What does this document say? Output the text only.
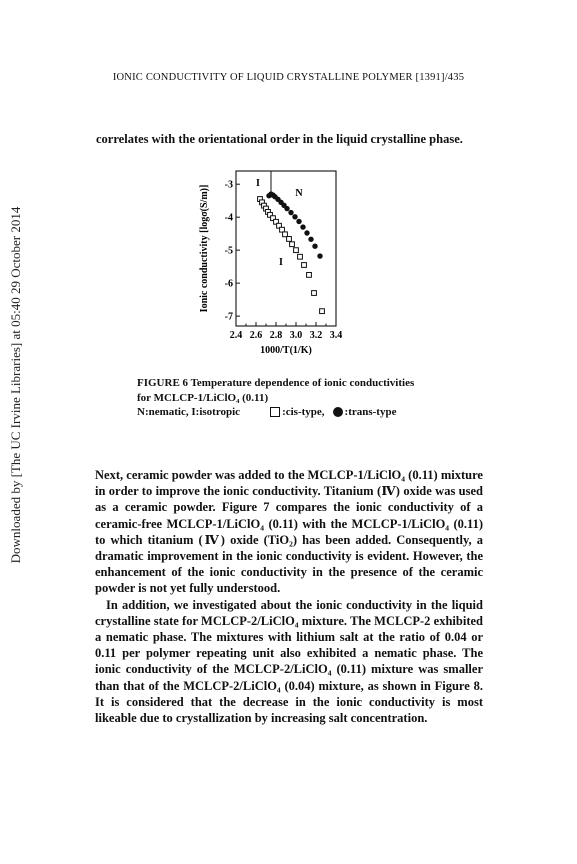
Downloaded by [The UC Irvine Libraries] at 05:40 29 October 2014
IONIC CONDUCTIVITY OF LIQUID CRYSTALLINE POLYMER [1391]/435
correlates with the orientational order in the liquid crystalline phase.
2.4 2.6 2.8 3.0 3.2 3.4
-3
-4
-5
-6
-7
1000/T(1/K)
Ionic conductivity [logσ(S/m)]
I
N
I
FIGURE 6 Temperature dependence of ionic conductivities
for MCLCP-1/LiClO₄ (0.11)
N:nematic, I:isotropic	:cis-type, :trans-type

Next, ceramic powder was added to the MCLCP-1/LiClO₄ (0.11) mixture in order to improve the ionic conductivity. Titanium (Ⅳ) oxide was used as a ceramic powder. Figure 7 compares the ionic conductivity of a ceramic-free MCLCP-1/LiClO₄ (0.11) with the MCLCP-1/LiClO₄ (0.11) to which titanium (Ⅳ) oxide (TiO₂) has been added. Consequently, a dramatic improvement in the ionic conductivity is evident. However, the enhancement of the ionic conductivity in the presence of the ceramic powder is not yet fully understood.

In addition, we investigated about the ionic conductivity in the liquid crystalline state for MCLCP-2/LiClO₄ mixture. The MCLCP-2 exhibited a nematic phase. The mixtures with lithium salt at the ratio of 0.04 or 0.11 per polymer repeating unit also exhibited a nematic phase. The ionic conductivity of the MCLCP-2/LiClO₄ (0.11) mixture was smaller than that of the MCLCP-2/LiClO₄ (0.04) mixture, as shown in Figure 8. It is considered that the decrease in the ionic conductivity is most likeable due to crystallization by increasing salt concentration.
